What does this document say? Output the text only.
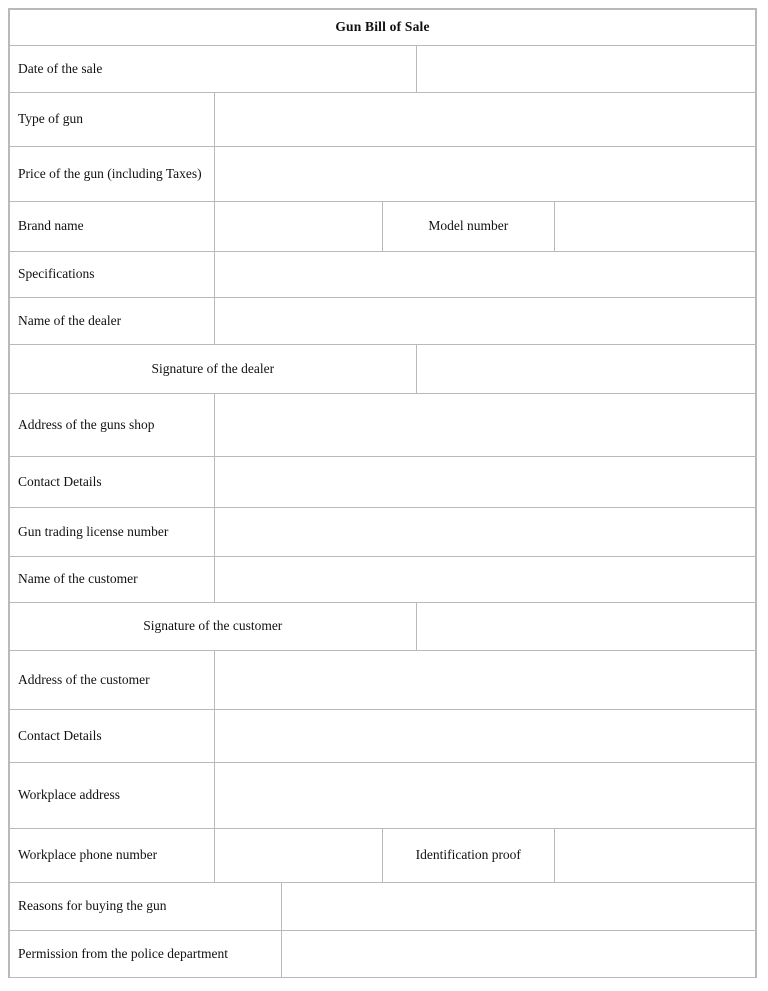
Gun Bill of Sale					
Date of the sale					
Type of gun					
Price of the gun (including Taxes)					
Brand name			Model number		
Specifications					
Name of the dealer					
Signature of the dealer					
Address of the guns shop					
Contact Details					
Gun trading license number					
Name of the customer					
Signature of the customer					
Address of the customer					
Contact Details					
Workplace address					
Workplace phone number			Identification proof		
Reasons for buying the gun					
Permission from the police department					
